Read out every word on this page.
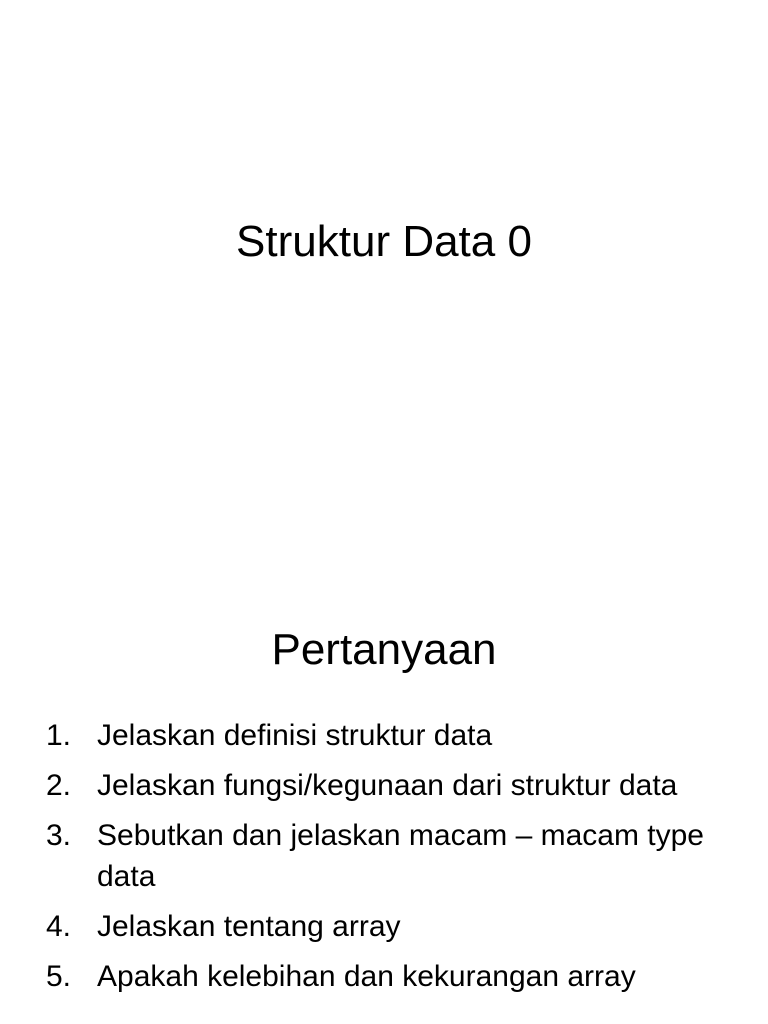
Struktur Data 0
Pertanyaan
1. Jelaskan definisi struktur data
2. Jelaskan fungsi/kegunaan dari struktur data
3. Sebutkan dan jelaskan macam – macam type data
4. Jelaskan tentang array
5. Apakah kelebihan dan kekurangan array
